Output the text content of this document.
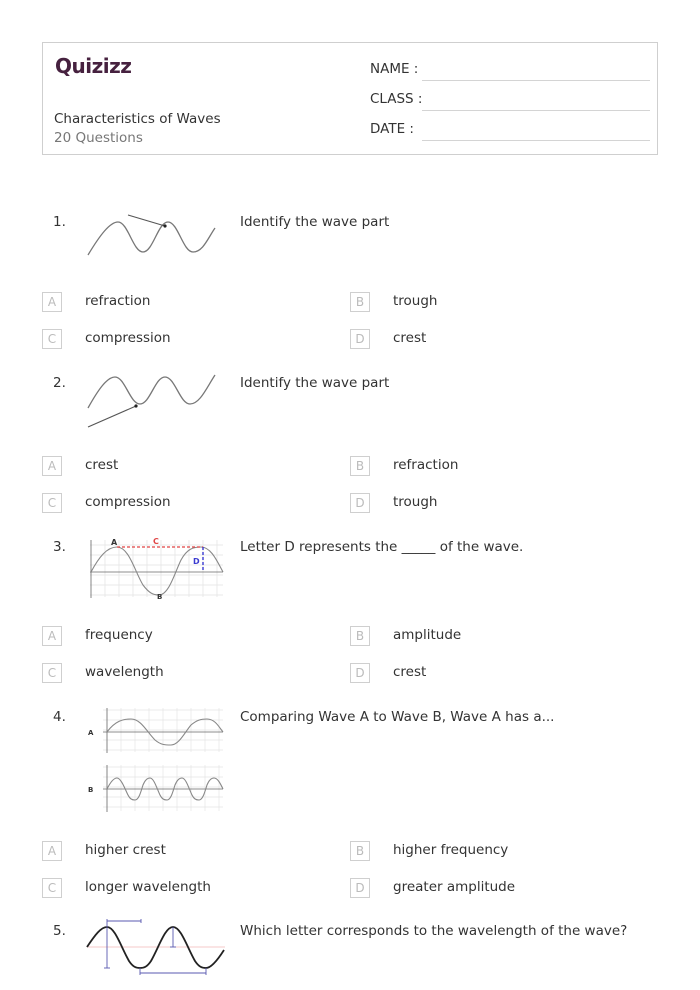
Quizizz
Characteristics of Waves
20 Questions
NAME :
CLASS :
DATE :
1.	Identify the wave part
A	refraction	B	trough
C	compression	D	crest
2.	Identify the wave part
A	crest	B	refraction
C	compression	D	trough
3.	A	C
D
B
Letter D represents the _____ of the wave.
A	frequency	B	amplitude
C	wavelength	D	crest
4.
A
B
Comparing Wave A to Wave B, Wave A has a...
A	higher crest	B	higher frequency
C	longer wavelength	D	greater amplitude
5.	Which letter corresponds to the wavelength of the wave?
